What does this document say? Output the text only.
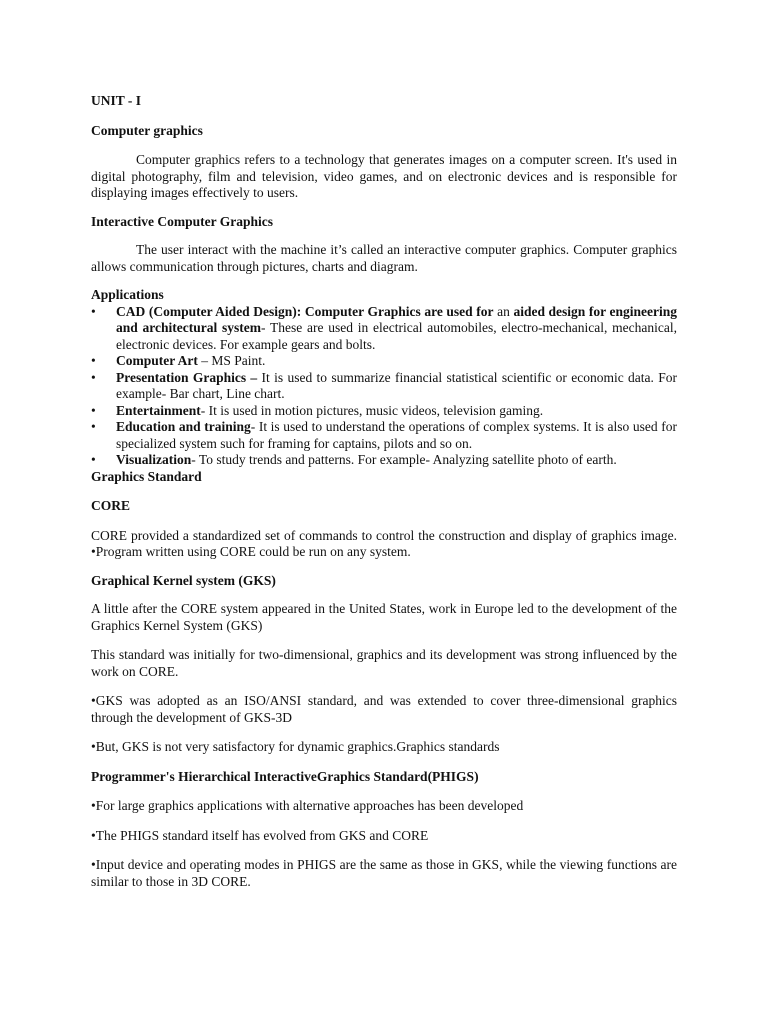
UNIT - I
Computer graphics

Computer graphics refers to a technology that generates images on a computer screen. It's used in digital photography, film and television, video games, and on electronic devices and is responsible for displaying images effectively to users.

Interactive Computer Graphics

The user interact with the machine it’s called an interactive computer graphics. Computer graphics allows communication through pictures, charts and diagram.

Applications
•	CAD (Computer Aided Design): Computer Graphics are used for an aided design for engineering and architectural system- These are used in electrical automobiles, electro-mechanical, mechanical, electronic devices. For example gears and bolts.
•	Computer Art – MS Paint.
•	Presentation Graphics – It is used to summarize financial statistical scientific or economic data. For example- Bar chart, Line chart.
•	Entertainment- It is used in motion pictures, music videos, television gaming.
•	Education and training- It is used to understand the operations of complex systems. It is also used for specialized system such for framing for captains, pilots and so on.
•	Visualization- To study trends and patterns. For example- Analyzing satellite photo of earth.
Graphics Standard
CORE

CORE provided a standardized set of commands to control the construction and display of graphics image. •Program written using CORE could be run on any system.

Graphical Kernel system (GKS)

A little after the CORE system appeared in the United States, work in Europe led to the development of the Graphics Kernel System (GKS)

This standard was initially for two-dimensional, graphics and its development was strong influenced by the work on CORE.

•GKS was adopted as an ISO/ANSI standard, and was extended to cover three-dimensional graphics through the development of GKS-3D

•But, GKS is not very satisfactory for dynamic graphics.Graphics standards

Programmer's Hierarchical InteractiveGraphics Standard(PHIGS)

•For large graphics applications with alternative approaches has been developed

•The PHIGS standard itself has evolved from GKS and CORE

•Input device and operating modes in PHIGS are the same as those in GKS, while the viewing functions are similar to those in 3D CORE.
